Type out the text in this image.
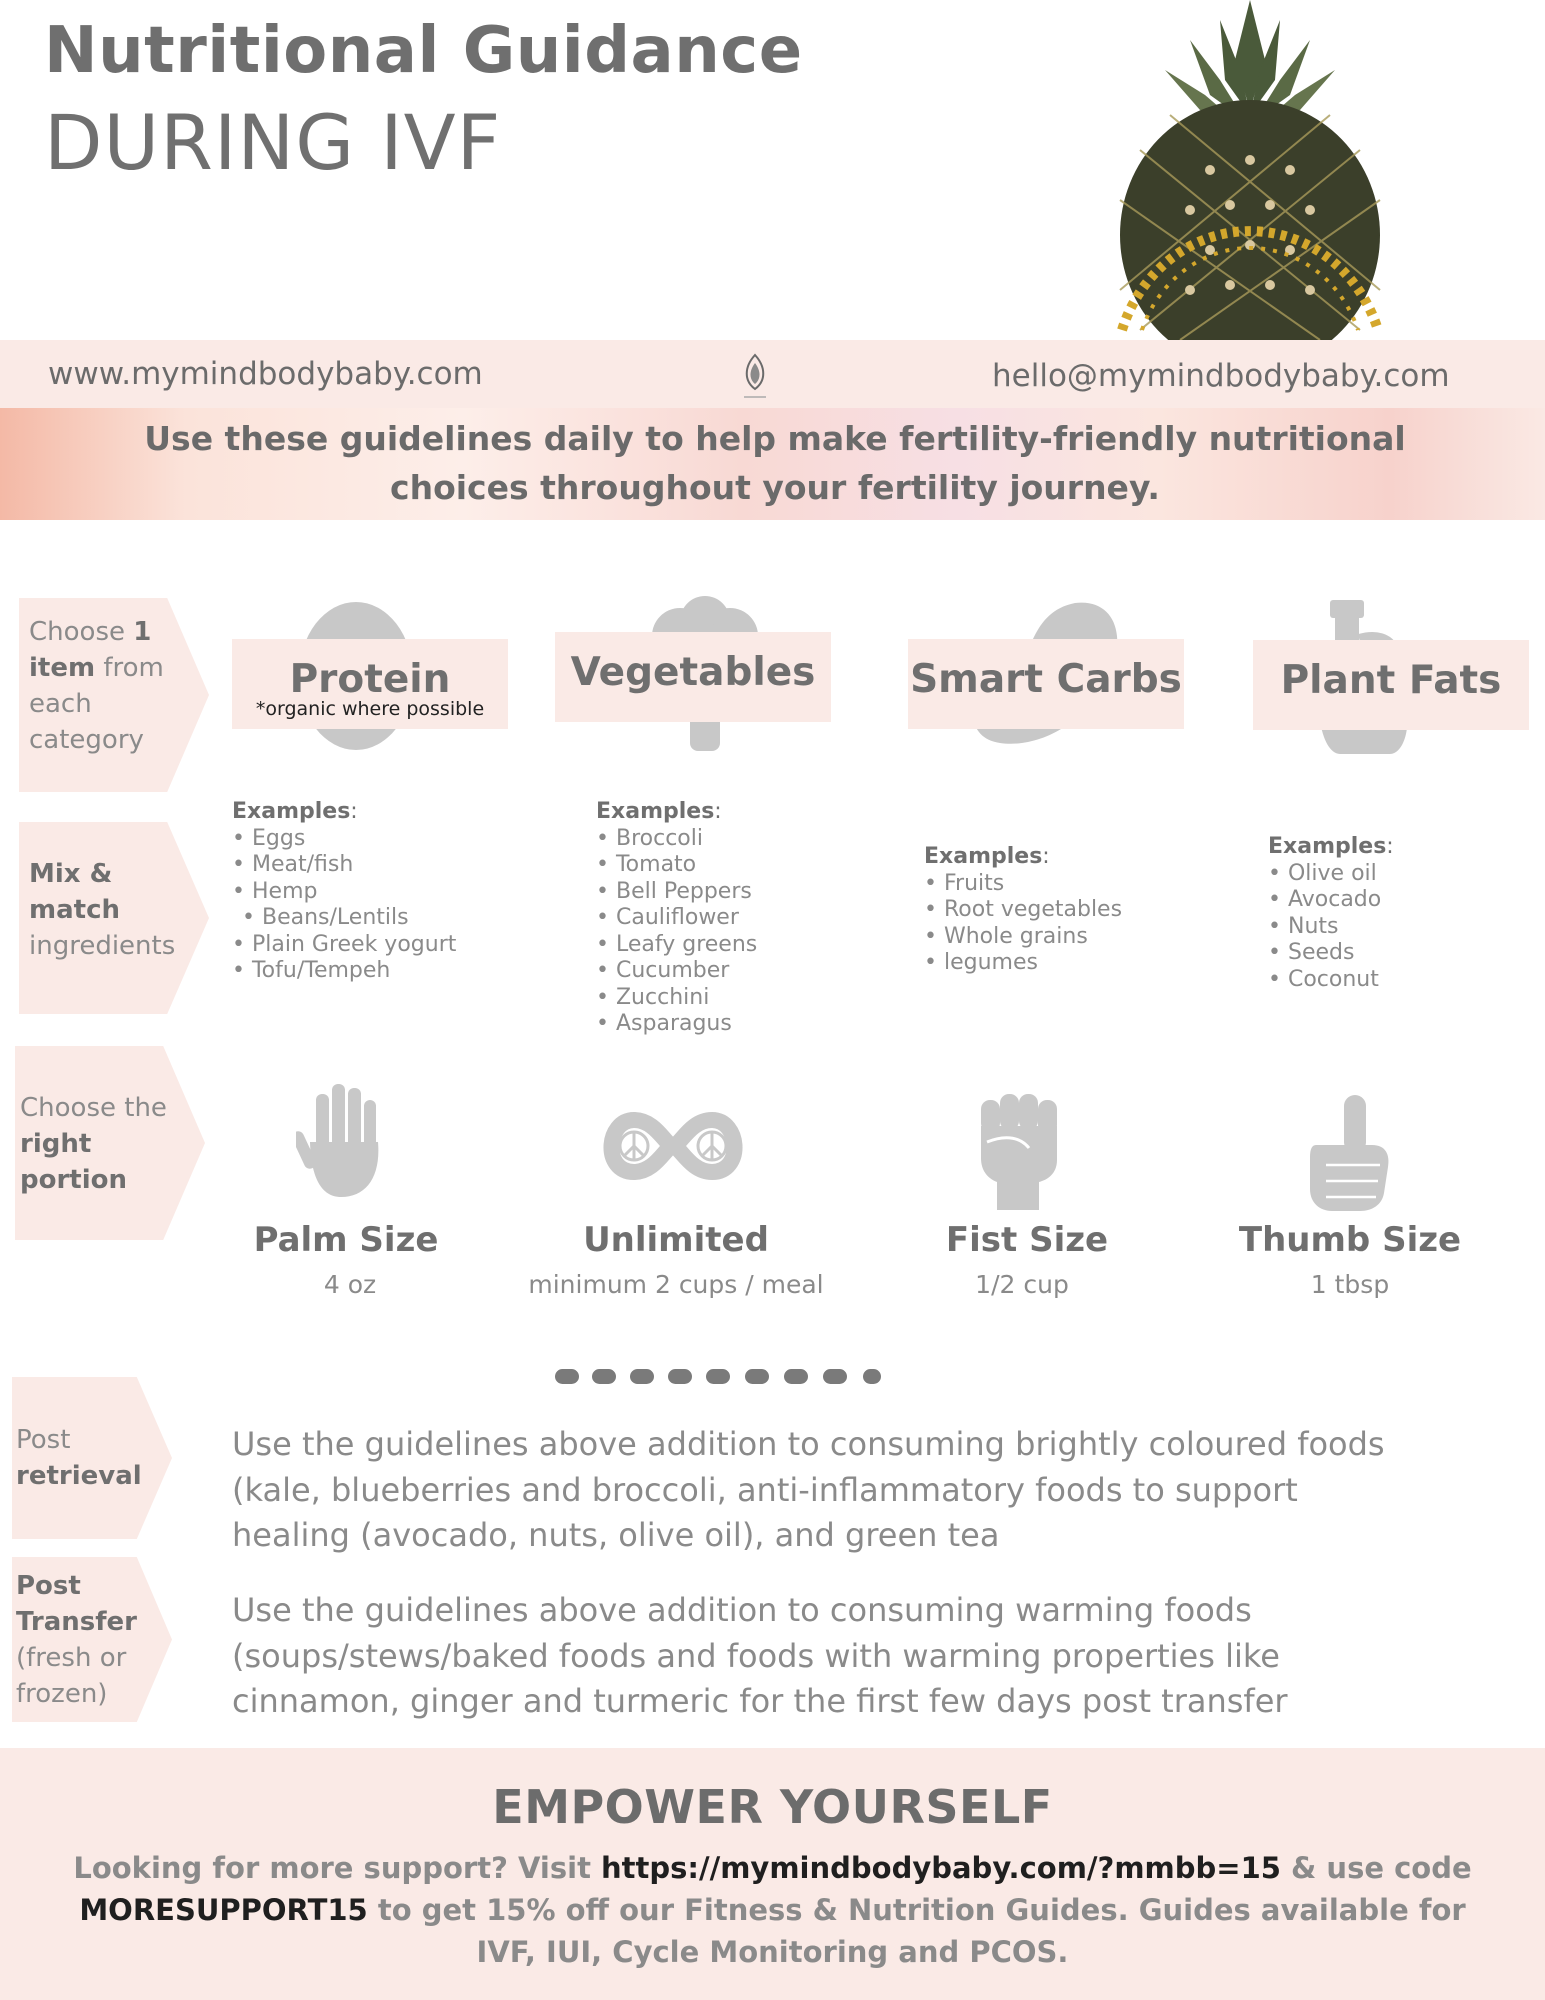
Nutritional Guidance
DURING IVF
www.mymindbodybaby.com	hello@mymindbodybaby.com
Use these guidelines daily to help make fertility-friendly nutritional choices throughout your fertility journey.
Choose 1 item from each category
Mix & match ingredients
Choose the right portion
Protein
*organic where possible
Vegetables	Smart Carbs	Plant Fats
Examples:
• Eggs
• Meat/fish
• Hemp
• Beans/Lentils
• Plain Greek yogurt
• Tofu/Tempeh
Examples:
• Broccoli
• Tomato
• Bell Peppers
• Cauliflower
• Leafy greens
• Cucumber
• Zucchini
• Asparagus
Examples:
• Fruits
• Root vegetables
• Whole grains
• legumes
Examples:
• Olive oil
• Avocado
• Nuts
• Seeds
• Coconut
Palm Size
4 oz
Unlimited
minimum 2 cups / meal
Fist Size
1/2 cup
Thumb Size
1 tbsp
Post
retrieval
Use the guidelines above addition to consuming brightly coloured foods (kale, blueberries and broccoli, anti-inflammatory foods to support healing (avocado, nuts, olive oil), and green tea
Post Transfer (fresh or frozen)
Use the guidelines above addition to consuming warming foods (soups/stews/baked foods and foods with warming properties like cinnamon, ginger and turmeric for the first few days post transfer
EMPOWER YOURSELF
Looking for more support? Visit https://mymindbodybaby.com/?mmbb=15 & use code MORESUPPORT15 to get 15% off our Fitness & Nutrition Guides. Guides available for IVF, IUI, Cycle Monitoring and PCOS.
